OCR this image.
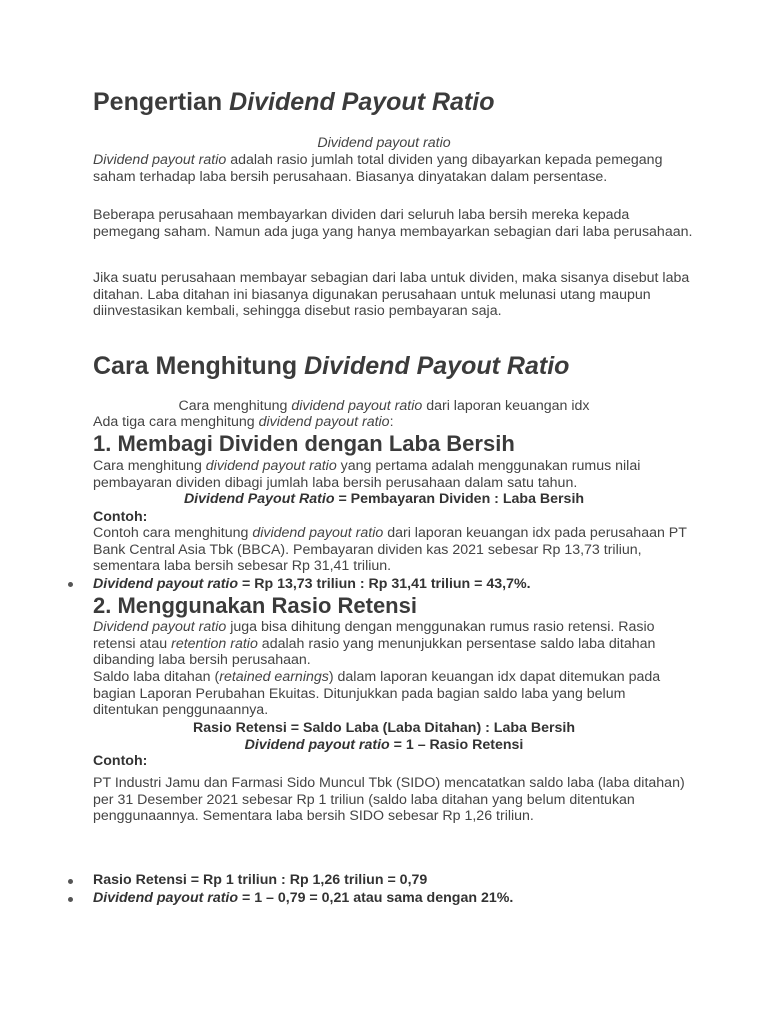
Pengertian Dividend Payout Ratio

Dividend payout ratio

Dividend payout ratio adalah rasio jumlah total dividen yang dibayarkan kepada pemegang saham terhadap laba bersih perusahaan. Biasanya dinyatakan dalam persentase.

Beberapa perusahaan membayarkan dividen dari seluruh laba bersih mereka kepada pemegang saham. Namun ada juga yang hanya membayarkan sebagian dari laba perusahaan.

Jika suatu perusahaan membayar sebagian dari laba untuk dividen, maka sisanya disebut laba ditahan. Laba ditahan ini biasanya digunakan perusahaan untuk melunasi utang maupun diinvestasikan kembali, sehingga disebut rasio pembayaran saja.

Cara Menghitung Dividend Payout Ratio

Cara menghitung dividend payout ratio dari laporan keuangan idx

Ada tiga cara menghitung dividend payout ratio:

1. Membagi Dividen dengan Laba Bersih

Cara menghitung dividend payout ratio yang pertama adalah menggunakan rumus nilai pembayaran dividen dibagi jumlah laba bersih perusahaan dalam satu tahun.

Dividend Payout Ratio = Pembayaran Dividen : Laba Bersih

Contoh:

Contoh cara menghitung dividend payout ratio dari laporan keuangan idx pada perusahaan PT Bank Central Asia Tbk (BBCA). Pembayaran dividen kas 2021 sebesar Rp 13,73 triliun, sementara laba bersih sebesar Rp 31,41 triliun.

Dividend payout ratio = Rp 13,73 triliun : Rp 31,41 triliun = 43,7%.

2. Menggunakan Rasio Retensi

Dividend payout ratio juga bisa dihitung dengan menggunakan rumus rasio retensi. Rasio retensi atau retention ratio adalah rasio yang menunjukkan persentase saldo laba ditahan dibanding laba bersih perusahaan.

Saldo laba ditahan (retained earnings) dalam laporan keuangan idx dapat ditemukan pada bagian Laporan Perubahan Ekuitas. Ditunjukkan pada bagian saldo laba yang belum ditentukan penggunaannya.

Rasio Retensi = Saldo Laba (Laba Ditahan) : Laba Bersih

Dividend payout ratio = 1 – Rasio Retensi

Contoh:

PT Industri Jamu dan Farmasi Sido Muncul Tbk (SIDO) mencatatkan saldo laba (laba ditahan) per 31 Desember 2021 sebesar Rp 1 triliun (saldo laba ditahan yang belum ditentukan penggunaannya. Sementara laba bersih SIDO sebesar Rp 1,26 triliun.

Rasio Retensi = Rp 1 triliun : Rp 1,26 triliun = 0,79

Dividend payout ratio = 1 – 0,79 = 0,21 atau sama dengan 21%.
